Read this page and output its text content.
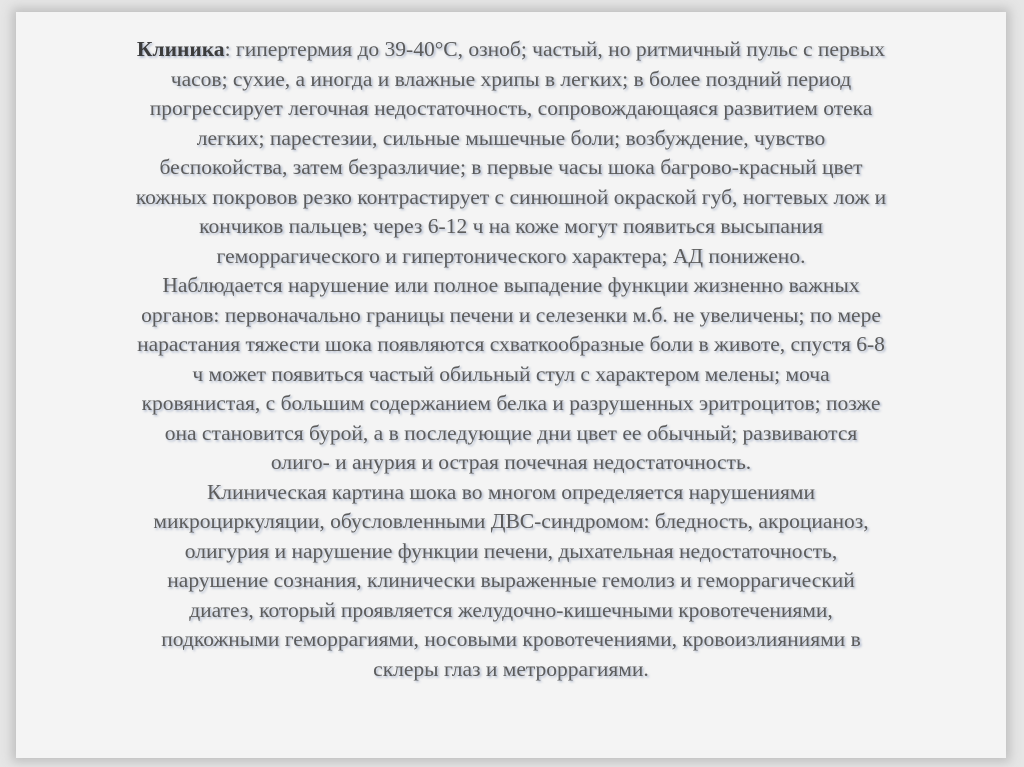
Клиника: гипертермия до 39-40°С, озноб; частый, но ритмичный пульс с первых
часов; сухие, а иногда и влажные хрипы в легких; в более поздний период
прогрессирует легочная недостаточность, сопровождающаяся развитием отека
легких; парестезии, сильные мышечные боли; возбуждение, чувство
беспокойства, затем безразличие; в первые часы шока багрово-красный цвет
кожных покровов резко контрастирует с синюшной окраской губ, ногтевых лож и
кончиков пальцев; через 6-12 ч на коже могут появиться высыпания
геморрагического и гипертонического характера; АД понижено.
Наблюдается нарушение или полное выпадение функции жизненно важных
органов: первоначально границы печени и селезенки м.б. не увеличены; по мере
нарастания тяжести шока появляются схваткообразные боли в животе, спустя 6-8
ч может появиться частый обильный стул с характером мелены; моча
кровянистая, с большим содержанием белка и разрушенных эритроцитов; позже
она становится бурой, а в последующие дни цвет ее обычный; развиваются
олиго- и анурия и острая почечная недостаточность.
Клиническая картина шока во многом определяется нарушениями
микроциркуляции, обусловленными ДВС-синдромом: бледность, акроцианоз,
олигурия и нарушение функции печени, дыхательная недостаточность,
нарушение сознания, клинически выраженные гемолиз и геморрагический
диатез, который проявляется желудочно-кишечными кровотечениями,
подкожными геморрагиями, носовыми кровотечениями, кровоизлияниями в
склеры глаз и метроррагиями.
